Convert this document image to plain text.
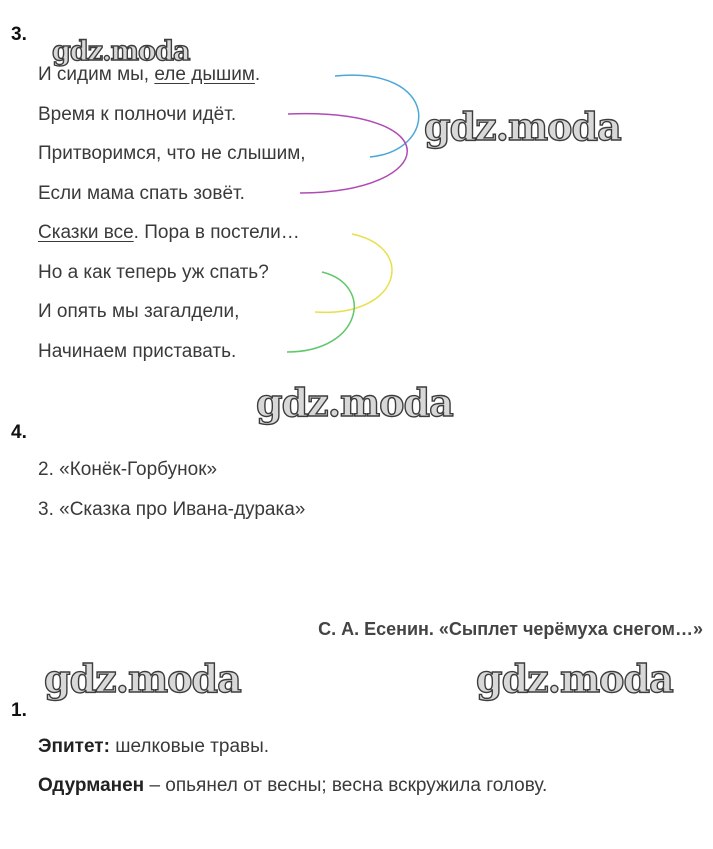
gdz.moda
gdz.moda
gdz.moda
gdz.moda	gdz.moda
3.
И сидим мы, еле дышим.
Время к полночи идёт.
Притворимся, что не слышим,
Если мама спать зовёт.
Сказки все. Пора в постели…
Но а как теперь уж спать?
И опять мы загалдели,
Начинаем приставать.
4.
2. «Конёк-Горбунок»
3. «Сказка про Ивана-дурака»
С. А. Есенин. «Сыплет черёмуха снегом…»
1.
Эпитет: шелковые травы.
Одурманен – опьянел от весны; весна вскружила голову.
